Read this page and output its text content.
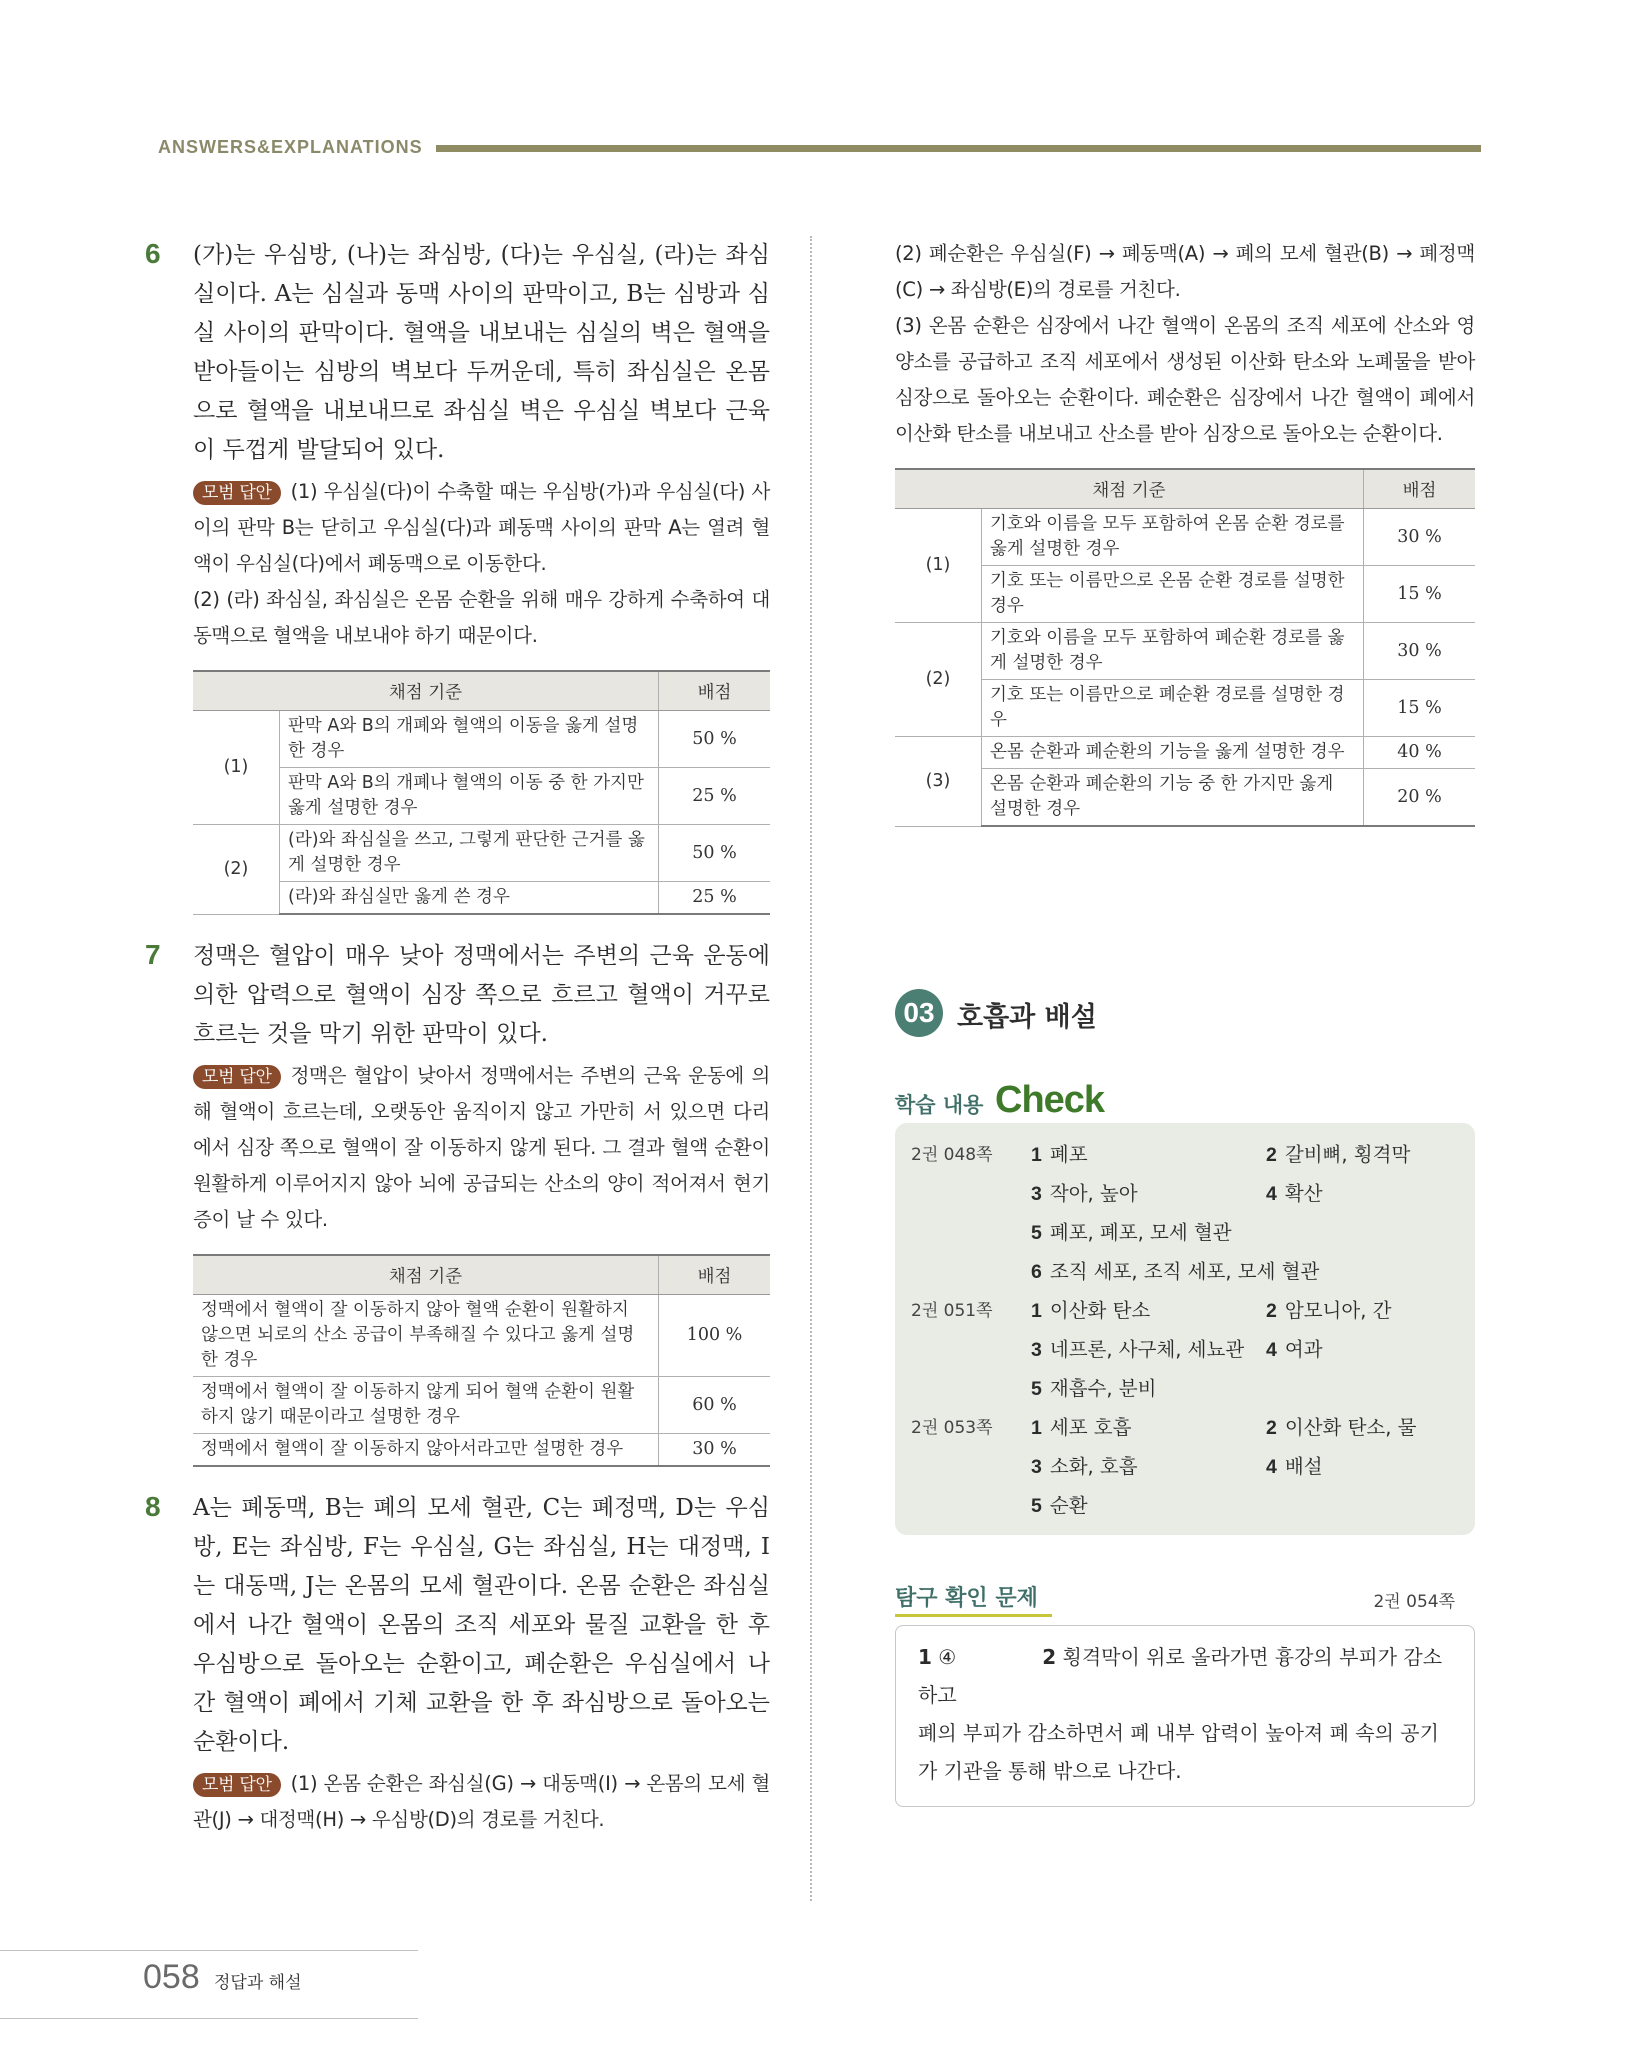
ANSWERS&EXPLANATIONS
6 (가)는 우심방, (나)는 좌심방, (다)는 우심실, (라)는 좌심실이다. A는 심실과 동맥 사이의 판막이고, B는 심방과 심실 사이의 판막이다. 혈액을 내보내는 심실의 벽은 혈액을 받아들이는 심방의 벽보다 두꺼운데, 특히 좌심실은 온몸으로 혈액을 내보내므로 좌심실 벽은 우심실 벽보다 근육이 두껍게 발달되어 있다.

모범 답안 (1) 우심실(다)이 수축할 때는 우심방(가)과 우심실(다) 사이의 판막 B는 닫히고 우심실(다)과 폐동맥 사이의 판막 A는 열려 혈액이 우심실(다)에서 폐동맥으로 이동한다.

(2) (라) 좌심실, 좌심실은 온몸 순환을 위해 매우 강하게 수축하여 대동맥으로 혈액을 내보내야 하기 때문이다.

채점 기준		배점
(1)	판막 A와 B의 개폐와 혈액의 이동을 옳게 설명한 경우	50 %
	판막 A와 B의 개폐나 혈액의 이동 중 한 가지만 옳게 설명한 경우	25 %
(2)	(라)와 좌심실을 쓰고, 그렇게 판단한 근거를 옳게 설명한 경우	50 %
	(라)와 좌심실만 옳게 쓴 경우	25 %
7 정맥은 혈압이 매우 낮아 정맥에서는 주변의 근육 운동에 의한 압력으로 혈액이 심장 쪽으로 흐르고 혈액이 거꾸로 흐르는 것을 막기 위한 판막이 있다.

모범 답안 정맥은 혈압이 낮아서 정맥에서는 주변의 근육 운동에 의해 혈액이 흐르는데, 오랫동안 움직이지 않고 가만히 서 있으면 다리에서 심장 쪽으로 혈액이 잘 이동하지 않게 된다. 그 결과 혈액 순환이 원활하게 이루어지지 않아 뇌에 공급되는 산소의 양이 적어져서 현기증이 날 수 있다.

채점 기준	배점
정맥에서 혈액이 잘 이동하지 않아 혈액 순환이 원활하지 않으면 뇌로의 산소 공급이 부족해질 수 있다고 옳게 설명한 경우	100 %
정맥에서 혈액이 잘 이동하지 않게 되어 혈액 순환이 원활하지 않기 때문이라고 설명한 경우	60 %
정맥에서 혈액이 잘 이동하지 않아서라고만 설명한 경우	30 %
8 A는 폐동맥, B는 폐의 모세 혈관, C는 폐정맥, D는 우심방, E는 좌심방, F는 우심실, G는 좌심실, H는 대정맥, I는 대동맥, J는 온몸의 모세 혈관이다. 온몸 순환은 좌심실에서 나간 혈액이 온몸의 조직 세포와 물질 교환을 한 후 우심방으로 돌아오는 순환이고, 폐순환은 우심실에서 나간 혈액이 폐에서 기체 교환을 한 후 좌심방으로 돌아오는 순환이다.

모범 답안 (1) 온몸 순환은 좌심실(G) → 대동맥(I) → 온몸의 모세 혈관(J) → 대정맥(H) → 우심방(D)의 경로를 거친다.

(2) 폐순환은 우심실(F) → 폐동맥(A) → 폐의 모세 혈관(B) → 폐정맥(C) → 좌심방(E)의 경로를 거친다.

(3) 온몸 순환은 심장에서 나간 혈액이 온몸의 조직 세포에 산소와 영양소를 공급하고 조직 세포에서 생성된 이산화 탄소와 노폐물을 받아 심장으로 돌아오는 순환이다. 폐순환은 심장에서 나간 혈액이 폐에서 이산화 탄소를 내보내고 산소를 받아 심장으로 돌아오는 순환이다.

채점 기준		배점
(1)	기호와 이름을 모두 포함하여 온몸 순환 경로를 옳게 설명한 경우	30 %
	기호 또는 이름만으로 온몸 순환 경로를 설명한 경우	15 %
(2)	기호와 이름을 모두 포함하여 폐순환 경로를 옳게 설명한 경우	30 %
	기호 또는 이름만으로 폐순환 경로를 설명한 경우	15 %
(3)	온몸 순환과 폐순환의 기능을 옳게 설명한 경우	40 %
	온몸 순환과 폐순환의 기능 중 한 가지만 옳게 설명한 경우	20 %
03 호흡과 배설
학습 내용 Check
2권 048쪽	1 폐포	2 갈비뼈, 횡격막
3 작아, 높아	4 확산
5 폐포, 폐포, 모세 혈관
6 조직 세포, 조직 세포, 모세 혈관
2권 051쪽	1 이산화 탄소	2 암모니아, 간
3 네프론, 사구체, 세뇨관	4 여과
5 재흡수, 분비
2권 053쪽	1 세포 호흡	2 이산화 탄소, 물
3 소화, 호흡	4 배설
5 순환
탐구 확인 문제	2권 054쪽

1 ④	2 횡격막이 위로 올라가면 흉강의 부피가 감소하고

폐의 부피가 감소하면서 폐 내부 압력이 높아져 폐 속의 공기가 기관을 통해 밖으로 나간다.

058 정답과 해설
